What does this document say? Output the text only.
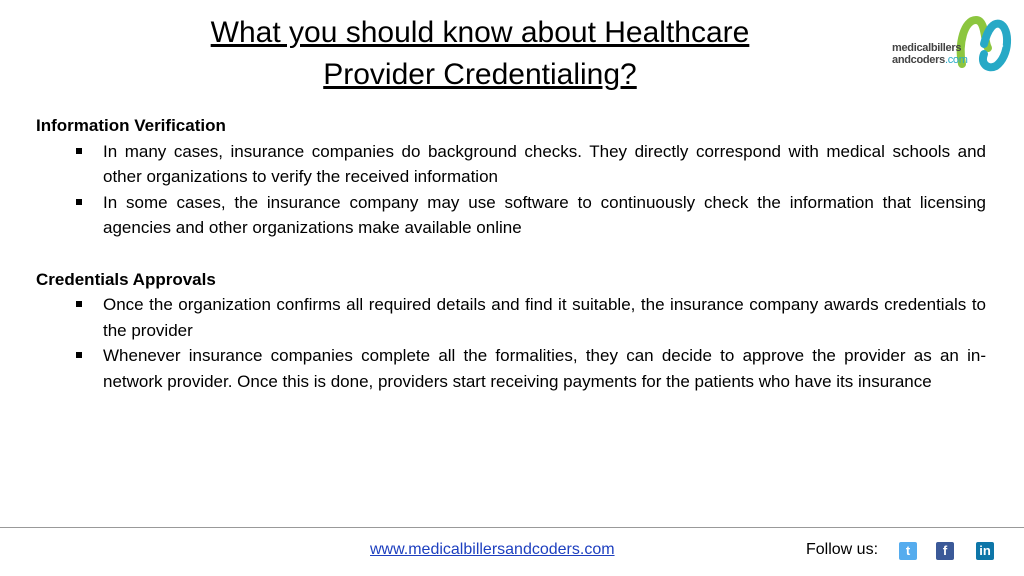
What you should know about Healthcare
Provider Credentialing?
medicalbillers
andcoders.com

Information Verification

In many cases, insurance companies do background checks. They directly correspond with medical schools and other organizations to verify the received information
In some cases, the insurance company may use software to continuously check the information that licensing agencies and other organizations make available online

Credentials Approvals

Once the organization confirms all required details and find it suitable, the insurance company awards credentials to the provider
Whenever insurance companies complete all the formalities, they can decide to approve the provider as an in-network provider. Once this is done, providers start receiving payments for the patients who have its insurance
www.medicalbillersandcoders.com	Follow us:	t	f	in
